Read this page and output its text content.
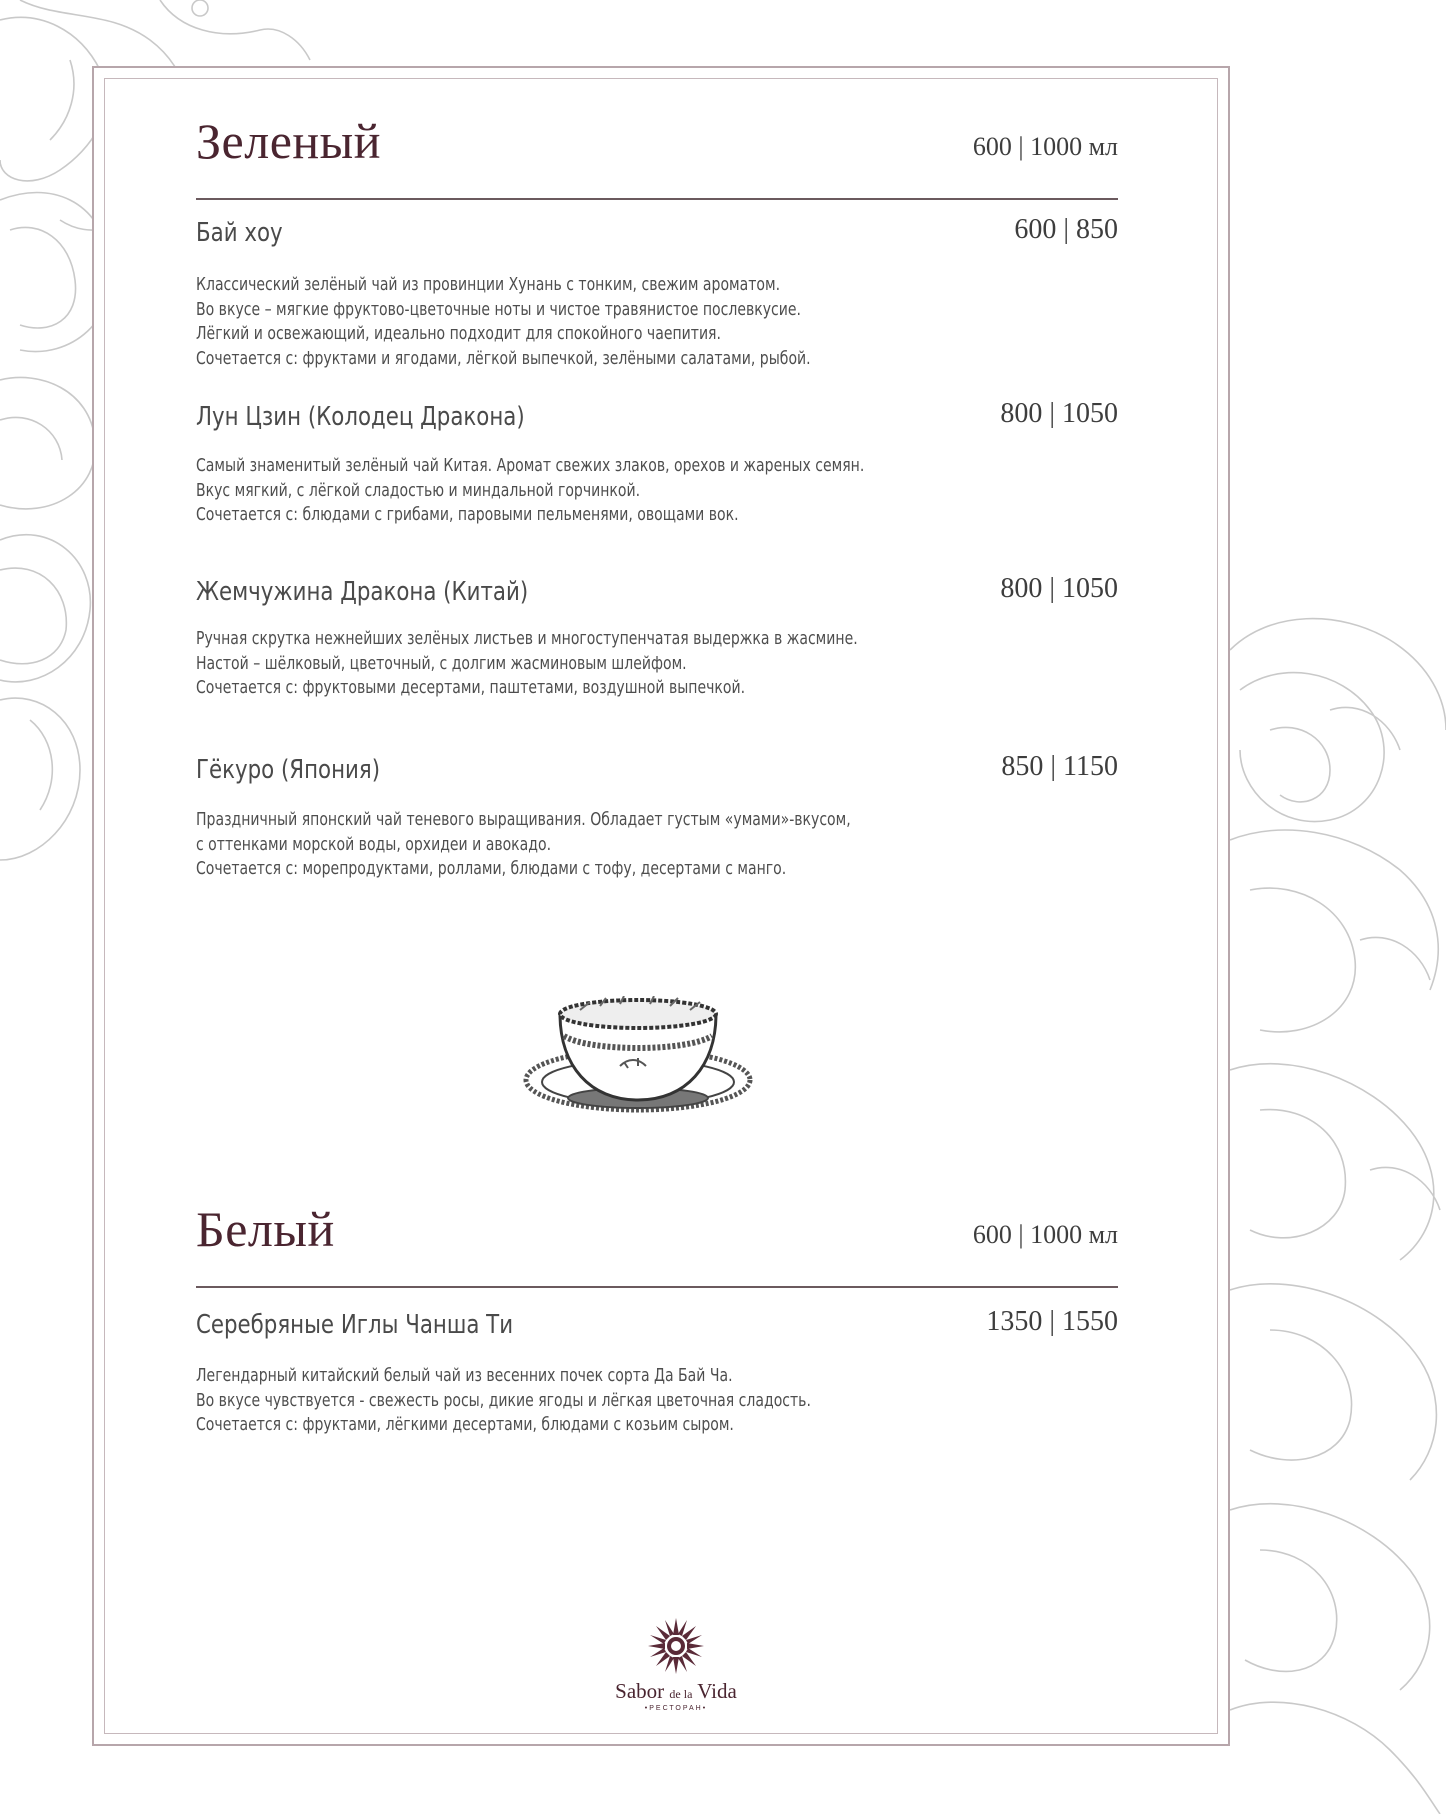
Зеленый	600 | 1000 мл
Бай хоу	600 | 850
Классический зелёный чай из провинции Хунань с тонким, свежим ароматом.
Во вкусе – мягкие фруктово-цветочные ноты и чистое травянистое послевкусие.
Лёгкий и освежающий, идеально подходит для спокойного чаепития.
Сочетается с: фруктами и ягодами, лёгкой выпечкой, зелёными салатами, рыбой.
Лун Цзин (Колодец Дракона)	800 | 1050
Самый знаменитый зелёный чай Китая. Аромат свежих злаков, орехов и жареных семян.
Вкус мягкий, с лёгкой сладостью и миндальной горчинкой.
Сочетается с: блюдами с грибами, паровыми пельменями, овощами вок.
Жемчужина Дракона (Китай)	800 | 1050
Ручная скрутка нежнейших зелёных листьев и многоступенчатая выдержка в жасмине.
Настой – шёлковый, цветочный, с долгим жасминовым шлейфом.
Сочетается с: фруктовыми десертами, паштетами, воздушной выпечкой.
Гёкуро (Япония)	850 | 1150
Праздничный японский чай теневого выращивания. Обладает густым «умами»-вкусом,
с оттенками морской воды, орхидеи и авокадо.
Сочетается с: морепродуктами, роллами, блюдами с тофу, десертами с манго.
Белый	600 | 1000 мл
Серебряные Иглы Чанша Ти	1350 | 1550
Легендарный китайский белый чай из весенних почек сорта Да Бай Ча.
Во вкусе чувствуется - свежесть росы, дикие ягоды и лёгкая цветочная сладость.
Сочетается с: фруктами, лёгкими десертами, блюдами с козьим сыром.
Sabor de la Vida
•РЕСТОРАН•
